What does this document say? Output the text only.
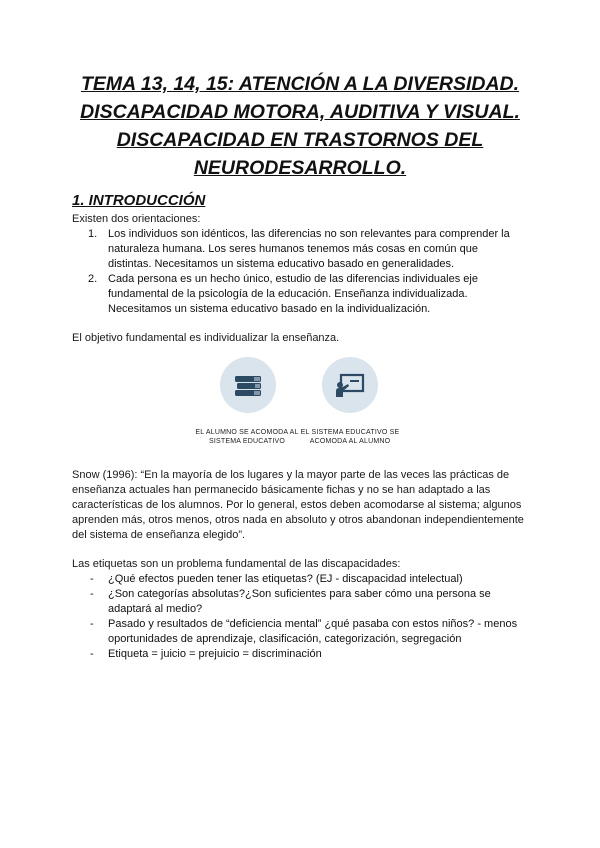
TEMA 13, 14, 15: ATENCIÓN A LA DIVERSIDAD. DISCAPACIDAD MOTORA, AUDITIVA Y VISUAL. DISCAPACIDAD EN TRASTORNOS DEL NEURODESARROLLO.
1. INTRODUCCIÓN
Existen dos orientaciones:
1. Los individuos son idénticos, las diferencias no son relevantes para comprender la naturaleza humana. Los seres humanos tenemos más cosas en común que distintas. Necesitamos un sistema educativo basado en generalidades.
2. Cada persona es un hecho único, estudio de las diferencias individuales eje fundamental de la psicología de la educación. Enseñanza individualizada. Necesitamos un sistema educativo basado en la individualización.
El objetivo fundamental es individualizar la enseñanza.
EL ALUMNO SE ACOMODA AL SISTEMA EDUCATIVO
EL SISTEMA EDUCATIVO SE ACOMODA AL ALUMNO
Snow (1996): “En la mayoría de los lugares y la mayor parte de las veces las prácticas de enseñanza actuales han permanecido básicamente fichas y no se han adaptado a las características de los alumnos. Por lo general, estos deben acomodarse al sistema; algunos aprenden más, otros menos, otros nada en absoluto y otros abandonan independientemente del sistema de enseñanza elegido”.
Las etiquetas son un problema fundamental de las discapacidades:
- ¿Qué efectos pueden tener las etiquetas? (EJ - discapacidad intelectual)
- ¿Son categorías absolutas?¿Son suficientes para saber cómo una persona se adaptará al medio?
- Pasado y resultados de “deficiencia mental” ¿qué pasaba con estos niños? - menos oportunidades de aprendizaje, clasificación, categorización, segregación
- Etiqueta = juicio = prejuicio = discriminación
